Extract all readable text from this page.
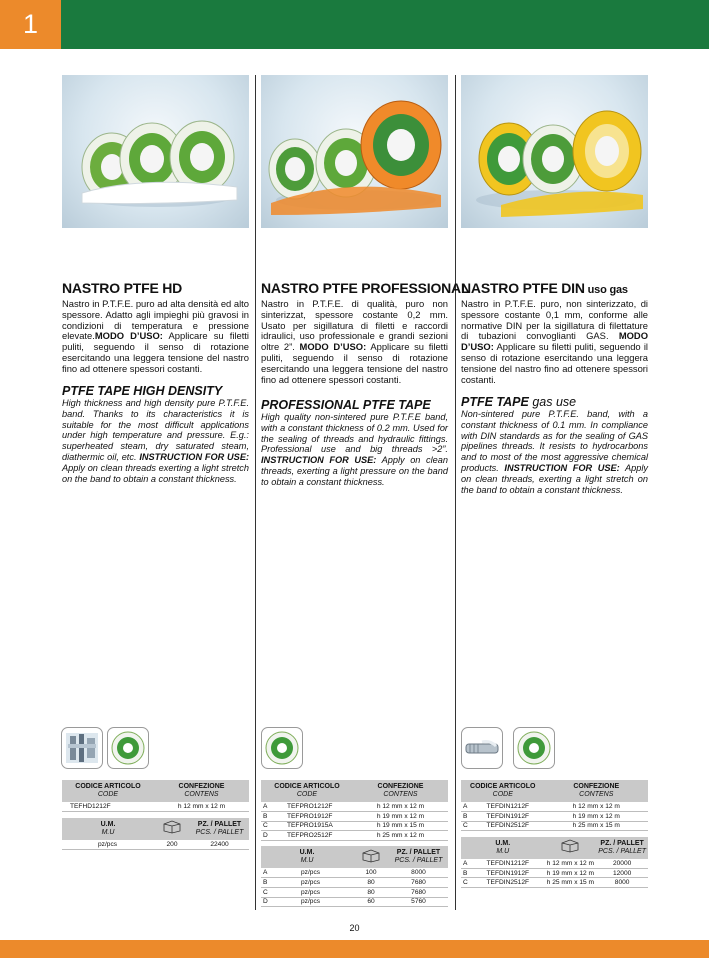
1
NASTRO PTFE HD
Nastro in P.T.F.E. puro ad alta densità ed alto spessore. Adatto agli impieghi più gravosi in condizioni di temperatura e pressione elevate.MODO D’USO: Applicare su filetti puliti, seguendo il senso di rotazione esercitando una leggera tensione del nastro fino ad ottenere spessori costanti.
PTFE TAPE HIGH DENSITY
High thickness and high density pure P.T.F.E. band. Thanks to its characteristics it is suitable for the most difficult applications under high temperature and pressure. E.g.: superheated steam, dry saturated steam, diathermic oil, etc. INSTRUCTION FOR USE: Apply on clean threads exerting a light stretch on the band to obtain a constant thickness.
CODICE ARTICOLO
CODE		CONFEZIONE
CONTENS	

	TEFHD1212F	h 12 mm x 12 m	

U.M.
M.U			PZ. / PALLET
PCS. / PALLET

	pz/pcs	200	22400
NASTRO PTFE PROFESSIONAL
Nastro in P.T.F.E. di qualità, puro non sinterizzat, spessore costante 0,2 mm. Usato per sigillatura di filetti e raccordi idraulici, uso professionale e grandi sezioni oltre 2”. MODO D’USO: Applicare su filetti puliti, seguendo il senso di rotazione esercitando una leggera tensione del nastro fino ad ottenere spessori costanti.
PROFESSIONAL PTFE TAPE
High quality non-sintered pure P.T.F.E band, with a constant thickness of 0.2 mm. Used for the sealing of threads and hydraulic fittings. Professional use and big threads >2”. INSTRUCTION FOR USE: Apply on clean threads, exerting a light pressure on the band to obtain a constant thickness.
CODICE ARTICOLO
CODE		CONFEZIONE
CONTENS	

A	TEFPRO1212F	h 12 mm x 12 m	
B	TEFPRO1912F	h 19 mm x 12 m	
C	TEFPRO1915A	h 19 mm x 15 m	
D	TEFPRO2512F	h 25 mm x 12 m	

U.M.
M.U			PZ. / PALLET
PCS. / PALLET

A	pz/pcs	100	8000
B	pz/pcs	80	7680
C	pz/pcs	80	7680
D	pz/pcs	60	5760
NASTRO PTFE DIN uso gas
Nastro in P.T.F.E. puro, non sinterizzato, di spessore costante 0,1 mm, conforme alle normative DIN per la sigillatura di filettature di tubazioni convoglianti GAS. MODO D’USO: Applicare su filetti puliti, seguendo il senso di rotazione esercitando una leggera tensione del nastro fino ad ottenere spessori costanti.
PTFE TAPE gas use
Non-sintered pure P.T.F.E. band, with a constant thickness of 0.1 mm. In compliance with DIN standards as for the sealing of GAS pipelines threads. It resists to hydrocarbons and to most of the most aggressive chemical products. INSTRUCTION FOR USE: Apply on clean threads, exerting a light stretch on the band to obtain a constant thickness.
CODICE ARTICOLO
CODE		CONFEZIONE
CONTENS	

A	TEFDIN1212F	h 12 mm x 12 m	
B	TEFDIN1912F	h 19 mm x 12 m	
C	TEFDIN2512F	h 25 mm x 15 m	

U.M.
M.U			PZ. / PALLET
PCS. / PALLET

A	TEFDIN1212F	h 12 mm x 12 m	20000
B	TEFDIN1912F	h 19 mm x 12 m	12000
C	TEFDIN2512F	h 25 mm x 15 m	8000
20
